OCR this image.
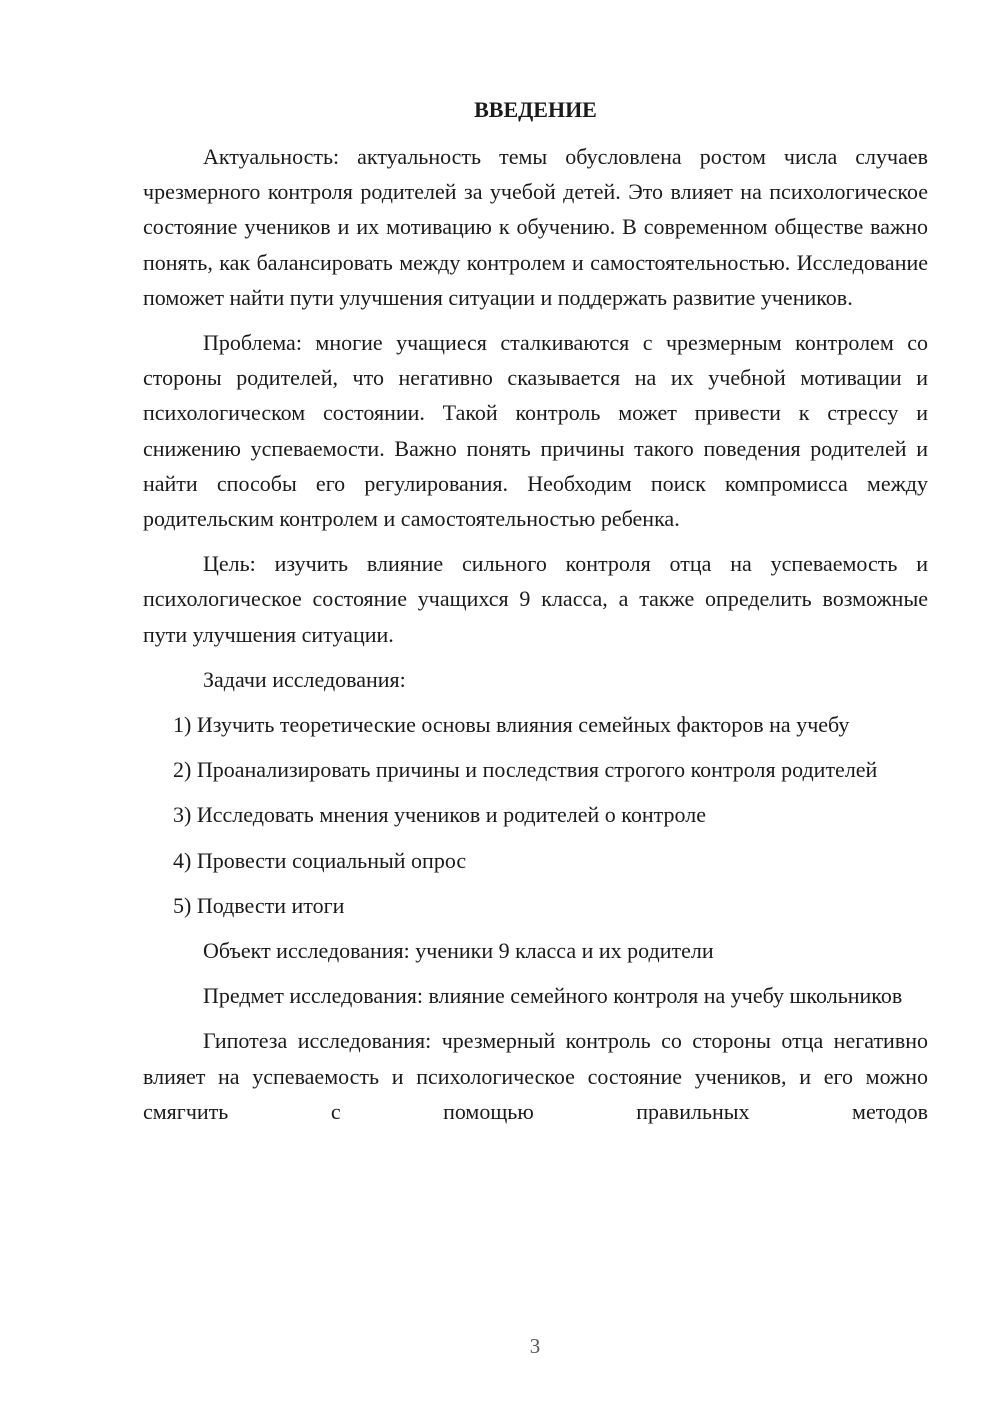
ВВЕДЕНИЕ

Актуальность: актуальность темы обусловлена ростом числа случаев чрезмерного контроля родителей за учебой детей. Это влияет на психологическое состояние учеников и их мотивацию к обучению. В современном обществе важно понять, как балансировать между контролем и самостоятельностью. Исследование поможет найти пути улучшения ситуации и поддержать развитие учеников.

Проблема: многие учащиеся сталкиваются с чрезмерным контролем со стороны родителей, что негативно сказывается на их учебной мотивации и психологическом состоянии. Такой контроль может привести к стрессу и снижению успеваемости. Важно понять причины такого поведения родителей и найти способы его регулирования. Необходим поиск компромисса между родительским контролем и самостоятельностью ребенка.

Цель: изучить влияние сильного контроля отца на успеваемость и психологическое состояние учащихся 9 класса, а также определить возможные пути улучшения ситуации.

Задачи исследования:

1) Изучить теоретические основы влияния семейных факторов на учебу

2) Проанализировать причины и последствия строгого контроля родителей

3) Исследовать мнения учеников и родителей о контроле

4) Провести социальный опрос

5) Подвести итоги

Объект исследования: ученики 9 класса и их родители

Предмет исследования: влияние семейного контроля на учебу школьников

Гипотеза исследования: чрезмерный контроль со стороны отца негативно влияет на успеваемость и психологическое состояние учеников, и его можно смягчить с помощью правильных методов

3
